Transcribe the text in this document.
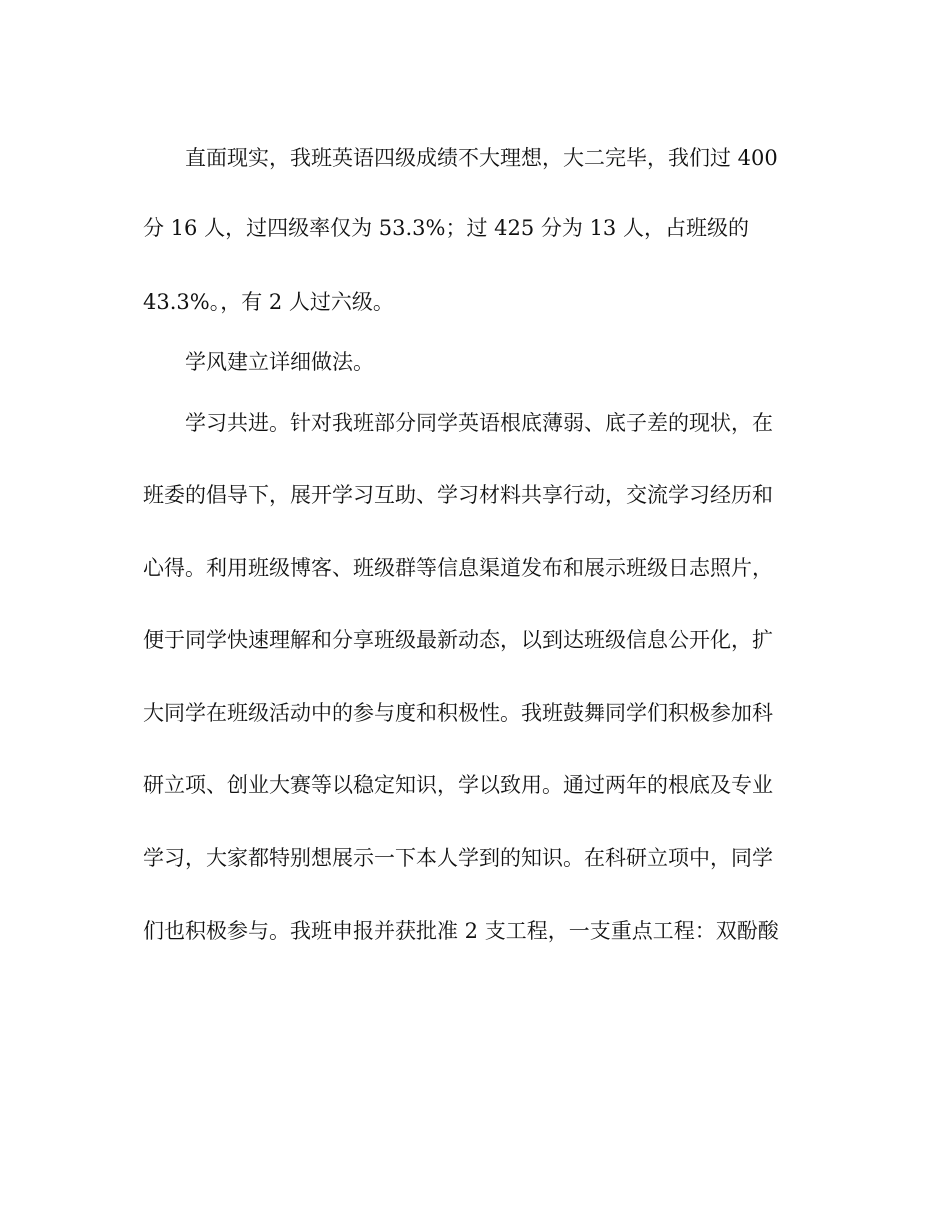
直面现实，我班英语四级成绩不大理想，大二完毕，我们过 400
分 16 人，过四级率仅为 53.3%；过 425 分为 13 人，占班级的
43.3%。，有 2 人过六级。
学风建立详细做法。
学习共进。针对我班部分同学英语根底薄弱、底子差的现状，在
班委的倡导下，展开学习互助、学习材料共享行动，交流学习经历和
心得。利用班级博客、班级群等信息渠道发布和展示班级日志照片，
便于同学快速理解和分享班级最新动态，以到达班级信息公开化，扩
大同学在班级活动中的参与度和积极性。我班鼓舞同学们积极参加科
研立项、创业大赛等以稳定知识，学以致用。通过两年的根底及专业
学习，大家都特别想展示一下本人学到的知识。在科研立项中，同学
们也积极参与。我班申报并获批准 2 支工程，一支重点工程：双酚酸
